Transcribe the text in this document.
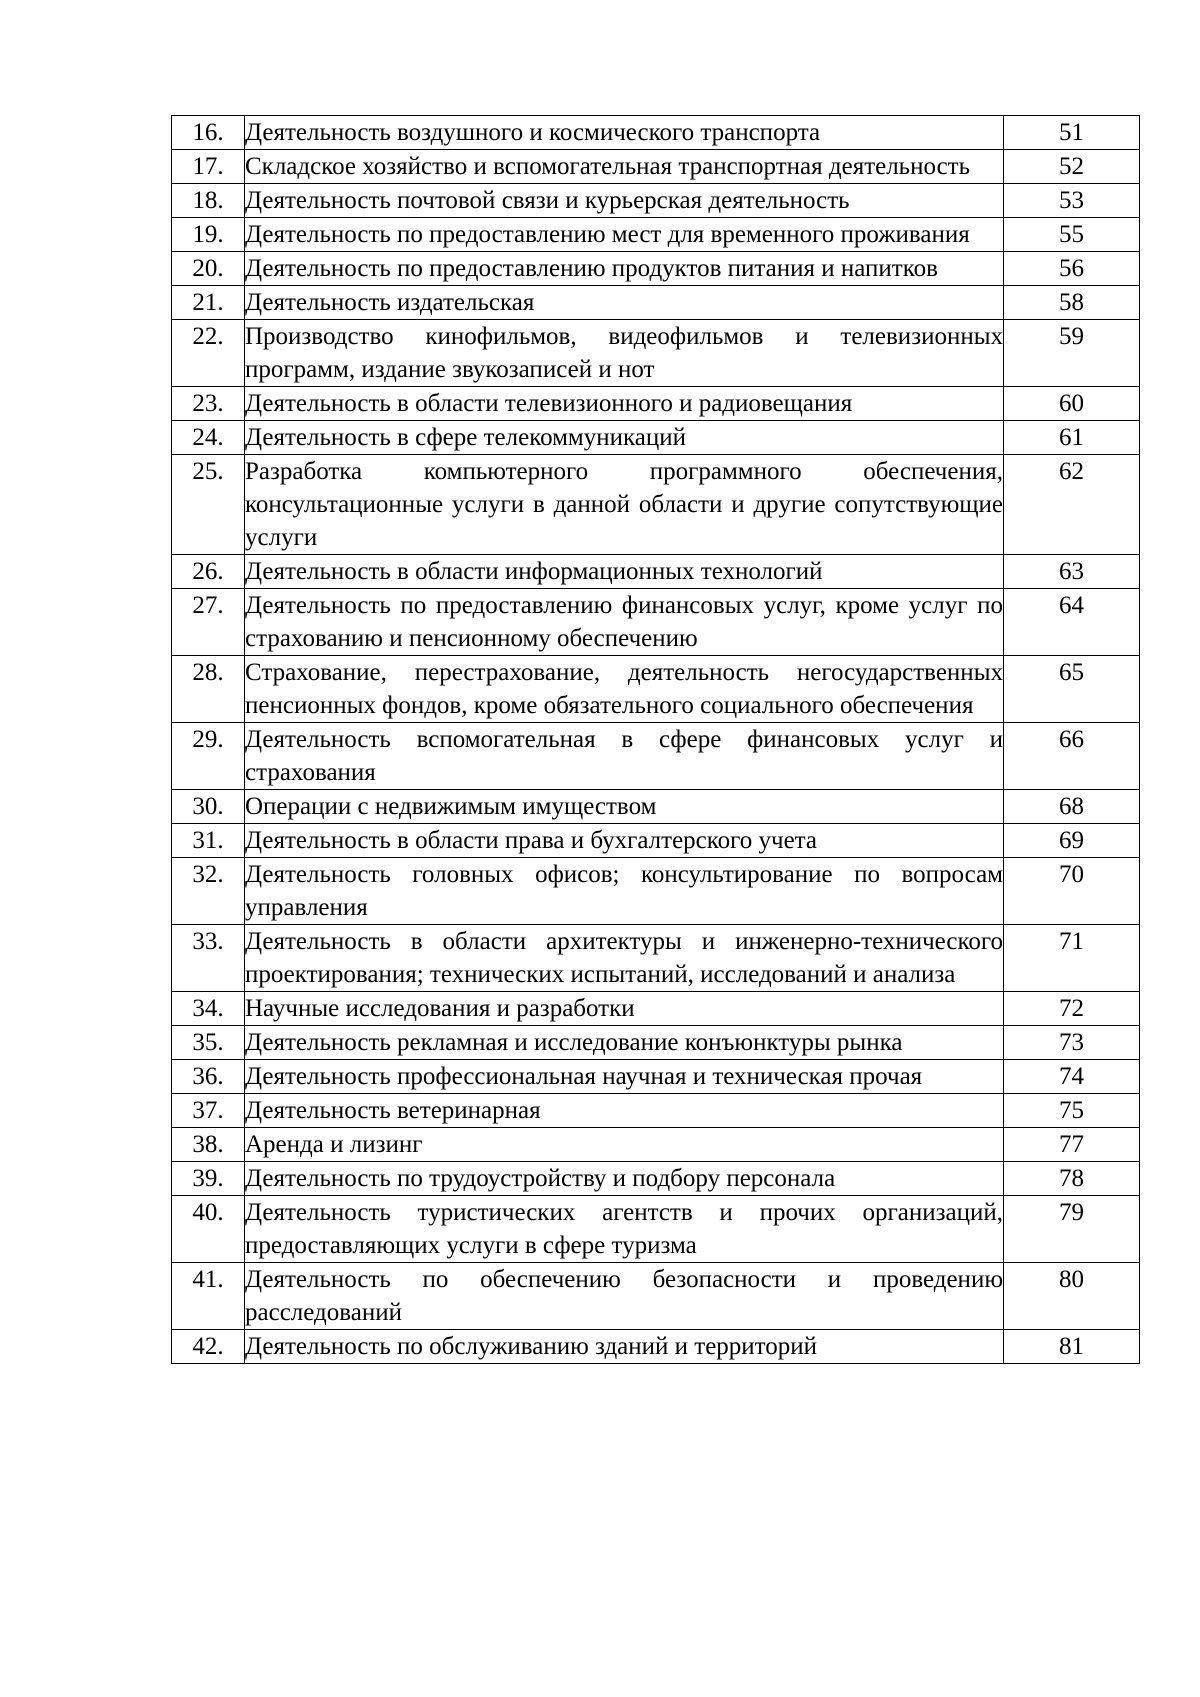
16.	Деятельность воздушного и космического транспорта	51
17.	Складское хозяйство и вспомогательная транспортная деятельность	52
18.	Деятельность почтовой связи и курьерская деятельность	53
19.	Деятельность по предоставлению мест для временного проживания	55
20.	Деятельность по предоставлению продуктов питания и напитков	56
21.	Деятельность издательская	58
22.	Производство кинофильмов, видеофильмов и телевизионных программ, издание звукозаписей и нот	59
23.	Деятельность в области телевизионного и радиовещания	60
24.	Деятельность в сфере телекоммуникаций	61
25.	Разработка компьютерного программного обеспечения, консультационные услуги в данной области и другие сопутствующие услуги	62
26.	Деятельность в области информационных технологий	63
27.	Деятельность по предоставлению финансовых услуг, кроме услуг по страхованию и пенсионному обеспечению	64
28.	Страхование, перестрахование, деятельность негосударственных пенсионных фондов, кроме обязательного социального обеспечения	65
29.	Деятельность вспомогательная в сфере финансовых услуг и страхования	66
30.	Операции с недвижимым имуществом	68
31.	Деятельность в области права и бухгалтерского учета	69
32.	Деятельность головных офисов; консультирование по вопросам управления	70
33.	Деятельность в области архитектуры и инженерно-технического проектирования; технических испытаний, исследований и анализа	71
34.	Научные исследования и разработки	72
35.	Деятельность рекламная и исследование конъюнктуры рынка	73
36.	Деятельность профессиональная научная и техническая прочая	74
37.	Деятельность ветеринарная	75
38.	Аренда и лизинг	77
39.	Деятельность по трудоустройству и подбору персонала	78
40.	Деятельность туристических агентств и прочих организаций, предоставляющих услуги в сфере туризма	79
41.	Деятельность по обеспечению безопасности и проведению расследований	80
42.	Деятельность по обслуживанию зданий и территорий	81
